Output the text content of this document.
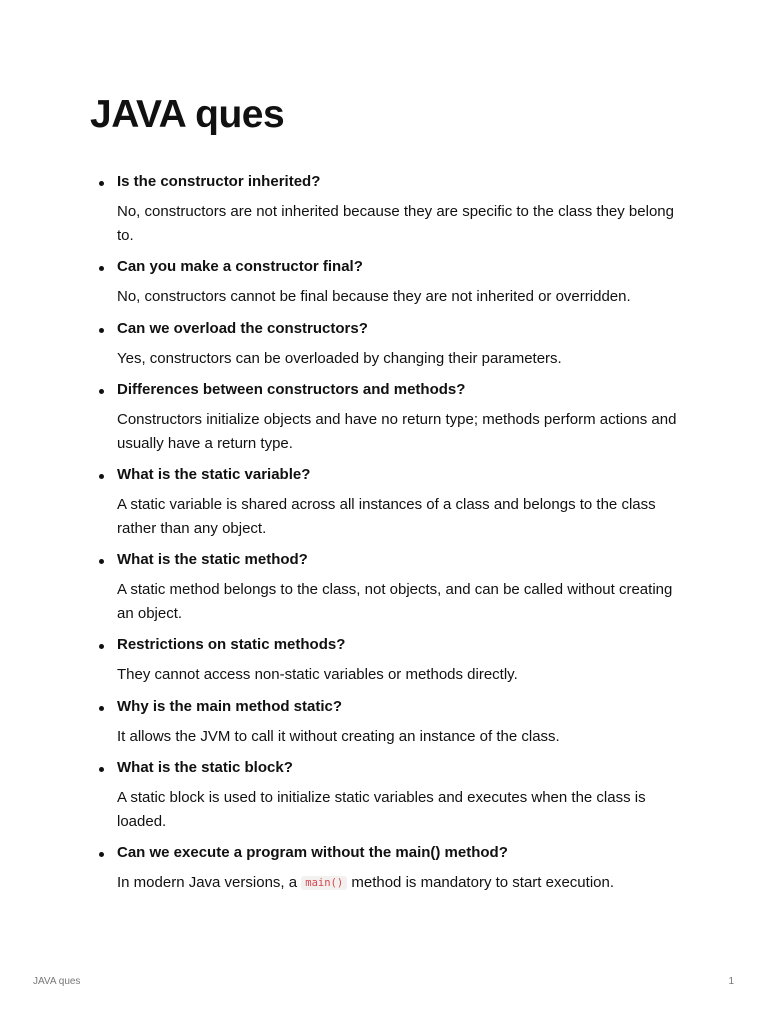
JAVA ques

Is the constructor inherited?

No, constructors are not inherited because they are specific to the class they belong to.

Can you make a constructor final?

No, constructors cannot be final because they are not inherited or overridden.

Can we overload the constructors?

Yes, constructors can be overloaded by changing their parameters.

Differences between constructors and methods?

Constructors initialize objects and have no return type; methods perform actions and usually have a return type.

What is the static variable?

A static variable is shared across all instances of a class and belongs to the class rather than any object.

What is the static method?

A static method belongs to the class, not objects, and can be called without creating an object.

Restrictions on static methods?

They cannot access non-static variables or methods directly.

Why is the main method static?

It allows the JVM to call it without creating an instance of the class.

What is the static block?

A static block is used to initialize static variables and executes when the class is loaded.

Can we execute a program without the main() method?

In modern Java versions, a main() method is mandatory to start execution.

JAVA ques	1
